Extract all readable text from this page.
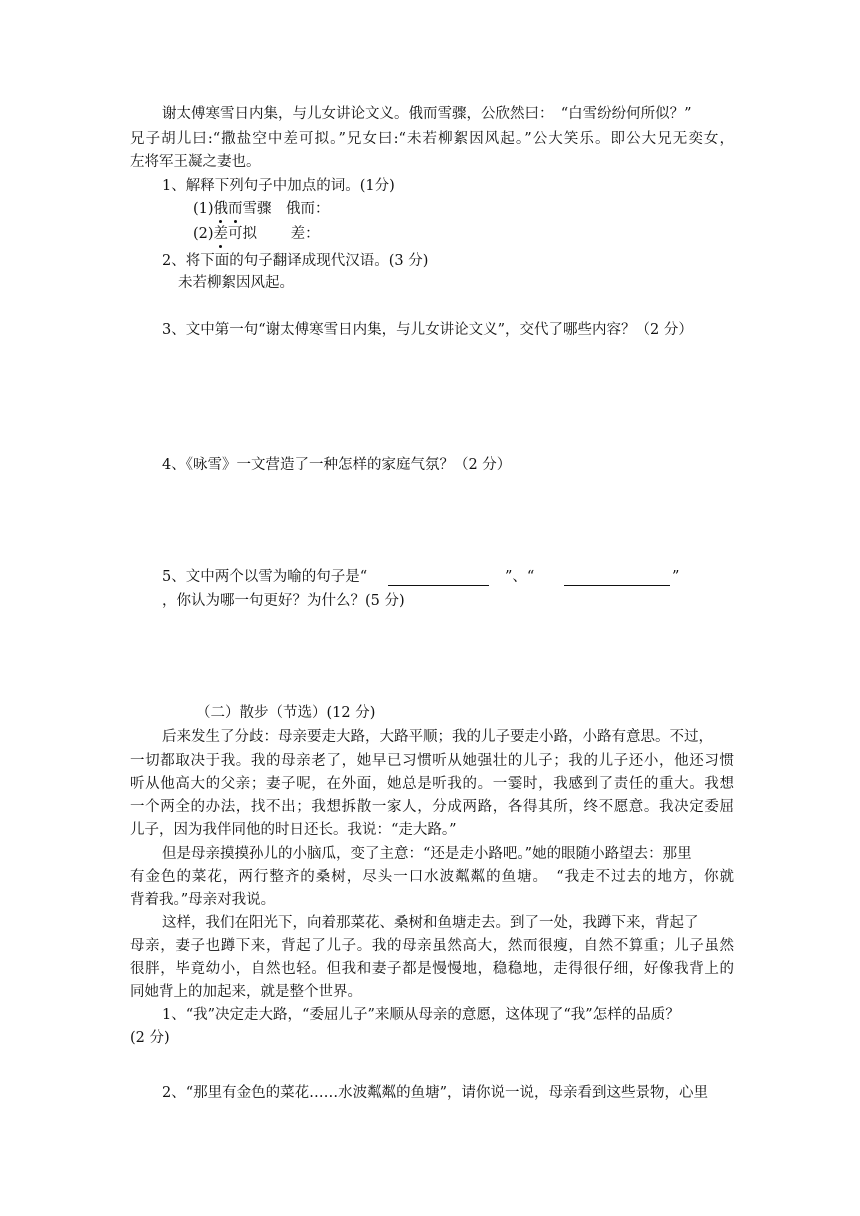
谢太傅寒雪日内集，与儿女讲论文义。俄而雪骤，公欣然曰：　“白雪纷纷何所似？”
兄子胡儿曰:“撒盐空中差可拟。”兄女曰:“未若柳絮因风起。”公大笑乐。即公大兄无奕女，
左将军王凝之妻也。
1、解释下列句子中加点的词。(1分)
(1)俄而雪骤　俄而：
(2)差可拟　　 差：
2、将下面的句子翻译成现代汉语。(3 分)
未若柳絮因风起。
3、文中第一句“谢太傅寒雪日内集，与儿女讲论文义”，交代了哪些内容？（2 分）
4、《咏雪》一文营造了一种怎样的家庭气氛？（2 分）
5、文中两个以雪为喻的句子是“	”、“	”
，你认为哪一句更好？为什么？(5 分)
（二）散步（节选）(12 分)
后来发生了分歧：母亲要走大路，大路平顺；我的儿子要走小路，小路有意思。不过，
一切都取决于我。我的母亲老了，她早已习惯听从她强壮的儿子；我的儿子还小，他还习惯
听从他高大的父亲；妻子呢，在外面，她总是听我的。一霎时，我感到了责任的重大。我想
一个两全的办法，找不出；我想拆散一家人，分成两路，各得其所，终不愿意。我决定委屈
儿子，因为我伴同他的时日还长。我说：“走大路。”
但是母亲摸摸孙儿的小脑瓜，变了主意：“还是走小路吧。”她的眼随小路望去：那里
有金色的菜花，两行整齐的桑树，尽头一口水波粼粼的鱼塘。　“我走不过去的地方，你就
背着我。”母亲对我说。
这样，我们在阳光下，向着那菜花、桑树和鱼塘走去。到了一处，我蹲下来，背起了
母亲，妻子也蹲下来，背起了儿子。我的母亲虽然高大，然而很瘦，自然不算重；儿子虽然
很胖，毕竟幼小，自然也轻。但我和妻子都是慢慢地，稳稳地，走得很仔细，好像我背上的
同她背上的加起来，就是整个世界。
1、“我”决定走大路，“委屈儿子”来顺从母亲的意愿，这体现了“我”怎样的品质？
(2 分)
2、“那里有金色的菜花……水波粼粼的鱼塘”，请你说一说，母亲看到这些景物，心里
